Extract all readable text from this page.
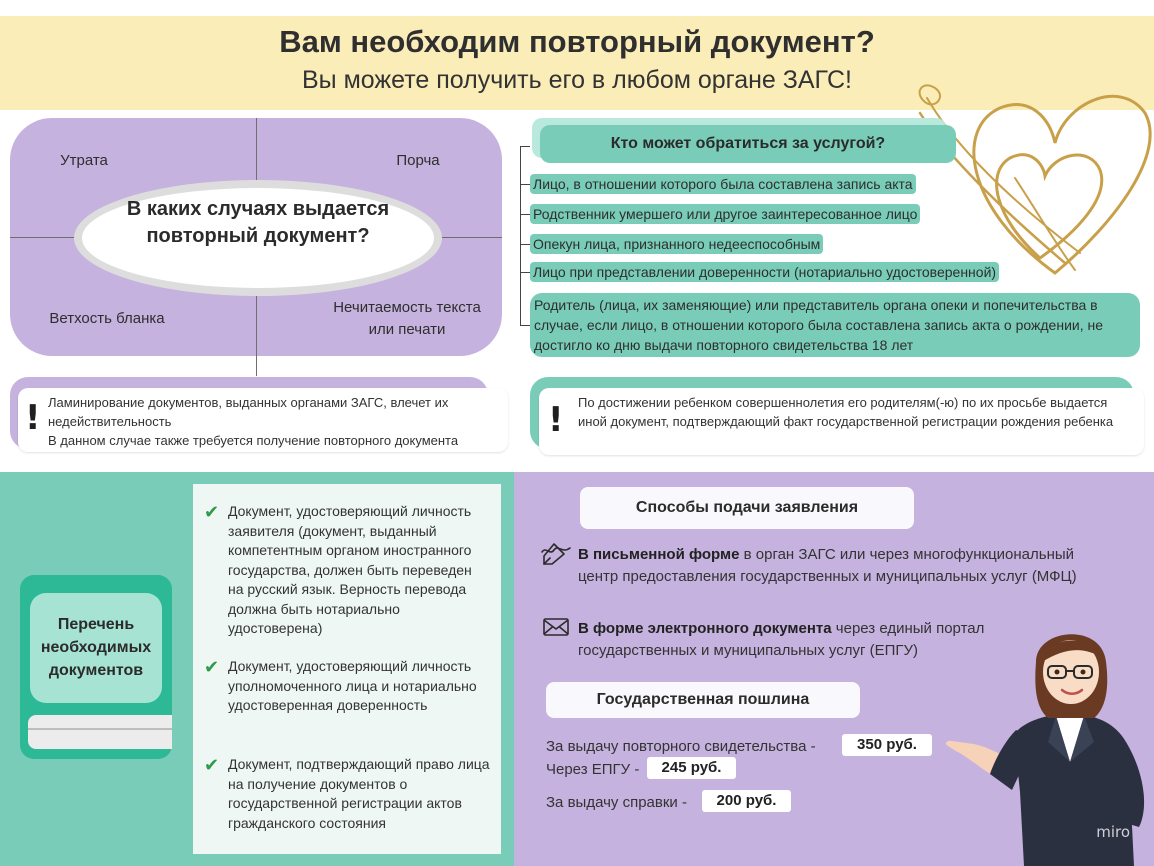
Вам необходим повторный документ?
Вы можете получить его в любом органе ЗАГС!
Утрата	Порча
Ветхость бланка
Нечитаемость текста или печати
В каких случаях выдается повторный документ?
Кто может обратиться за услугой?
Лицо, в отношении которого была составлена запись акта
Родственник умершего или другое заинтересованное лицо
Опекун лица, признанного недееспособным
Лицо при представлении доверенности (нотариально удостоверенной)
Родитель (лица, их заменяющие) или представитель органа опеки и попечительства в случае, если лицо, в отношении которого была составлена запись акта о рождении, не достигло ко дню выдачи повторного свидетельства 18 лет
! Ламинирование документов, выданных органами ЗАГС, влечет их недействительность
В данном случае также требуется получение повторного документа
! По достижении ребенком совершеннолетия его родителям(-ю) по их просьбе выдается иной документ, подтверждающий факт государственной регистрации рождения ребенка
Перечень необходимых документов
✔ Документ, удостоверяющий личность заявителя (документ, выданный компетентным органом иностранного государства, должен быть переведен на русский язык. Верность перевода должна быть нотариально удостоверена)
✔ Документ, удостоверяющий личность уполномоченного лица и нотариально удостоверенная доверенность
✔ Документ, подтверждающий право лица на получение документов о государственной регистрации актов гражданского состояния
Способы подачи заявления
В письменной форме в орган ЗАГС или через многофункциональный центр предоставления государственных и муниципальных услуг (МФЦ)
В форме электронного документа через единый портал государственных и муниципальных услуг (ЕПГУ)
Государственная пошлина
За выдачу повторного свидетельства -	350 руб.
Через ЕПГУ -	245 руб.
За выдачу справки -	200 руб.
miro
